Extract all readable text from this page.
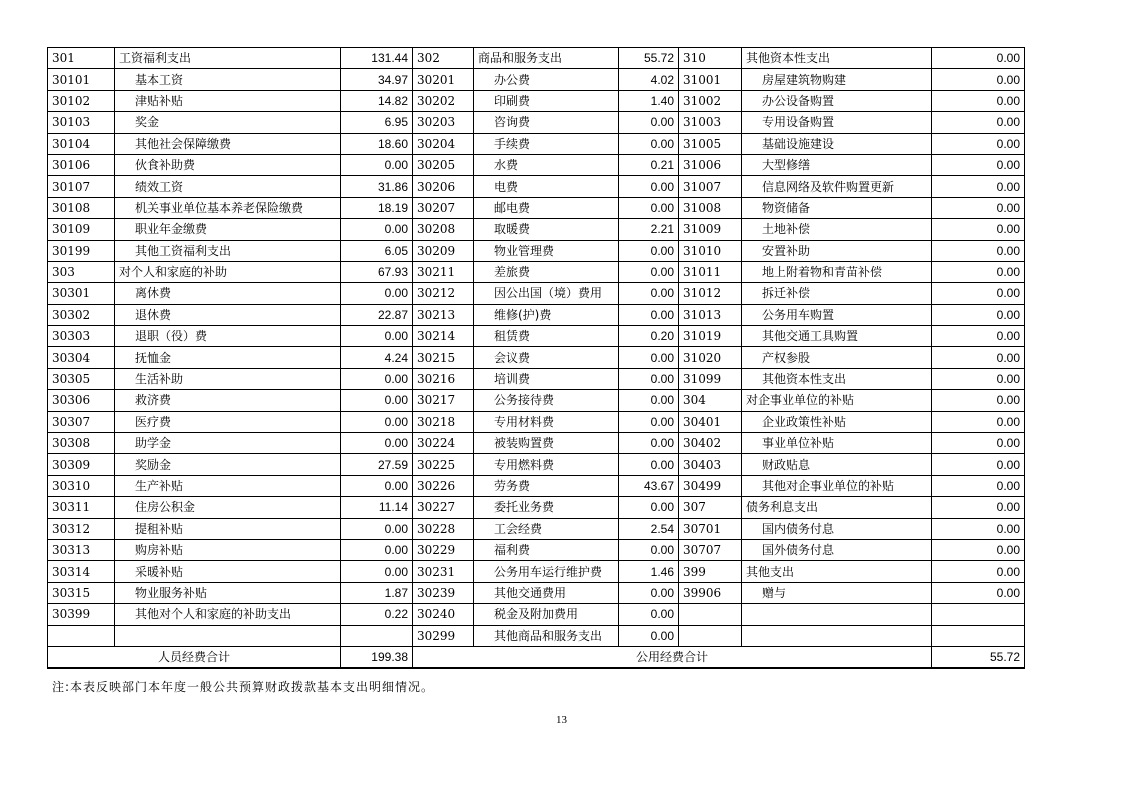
301	工资福利支出	131.44	302	商品和服务支出	55.72	310	其他资本性支出	0.00
30101	基本工资	34.97	30201	办公费	4.02	31001	房屋建筑物购建	0.00
30102	津贴补贴	14.82	30202	印刷费	1.40	31002	办公设备购置	0.00
30103	奖金	6.95	30203	咨询费	0.00	31003	专用设备购置	0.00
30104	其他社会保障缴费	18.60	30204	手续费	0.00	31005	基础设施建设	0.00
30106	伙食补助费	0.00	30205	水费	0.21	31006	大型修缮	0.00
30107	绩效工资	31.86	30206	电费	0.00	31007	信息网络及软件购置更新	0.00
30108	机关事业单位基本养老保险缴费	18.19	30207	邮电费	0.00	31008	物资储备	0.00
30109	职业年金缴费	0.00	30208	取暖费	2.21	31009	土地补偿	0.00
30199	其他工资福利支出	6.05	30209	物业管理费	0.00	31010	安置补助	0.00
303	对个人和家庭的补助	67.93	30211	差旅费	0.00	31011	地上附着物和青苗补偿	0.00
30301	离休费	0.00	30212	因公出国（境）费用	0.00	31012	拆迁补偿	0.00
30302	退休费	22.87	30213	维修(护)费	0.00	31013	公务用车购置	0.00
30303	退职（役）费	0.00	30214	租赁费	0.20	31019	其他交通工具购置	0.00
30304	抚恤金	4.24	30215	会议费	0.00	31020	产权参股	0.00
30305	生活补助	0.00	30216	培训费	0.00	31099	其他资本性支出	0.00
30306	救济费	0.00	30217	公务接待费	0.00	304	对企事业单位的补贴	0.00
30307	医疗费	0.00	30218	专用材料费	0.00	30401	企业政策性补贴	0.00
30308	助学金	0.00	30224	被装购置费	0.00	30402	事业单位补贴	0.00
30309	奖励金	27.59	30225	专用燃料费	0.00	30403	财政贴息	0.00
30310	生产补贴	0.00	30226	劳务费	43.67	30499	其他对企事业单位的补贴	0.00
30311	住房公积金	11.14	30227	委托业务费	0.00	307	债务利息支出	0.00
30312	提租补贴	0.00	30228	工会经费	2.54	30701	国内债务付息	0.00
30313	购房补贴	0.00	30229	福利费	0.00	30707	国外债务付息	0.00
30314	采暖补贴	0.00	30231	公务用车运行维护费	1.46	399	其他支出	0.00
30315	物业服务补贴	1.87	30239	其他交通费用	0.00	39906	赠与	0.00
30399	其他对个人和家庭的补助支出	0.22	30240	税金及附加费用	0.00			
			30299	其他商品和服务支出	0.00			
人员经费合计		199.38	公用经费合计					55.72
注:本表反映部门本年度一般公共预算财政拨款基本支出明细情况。
13
